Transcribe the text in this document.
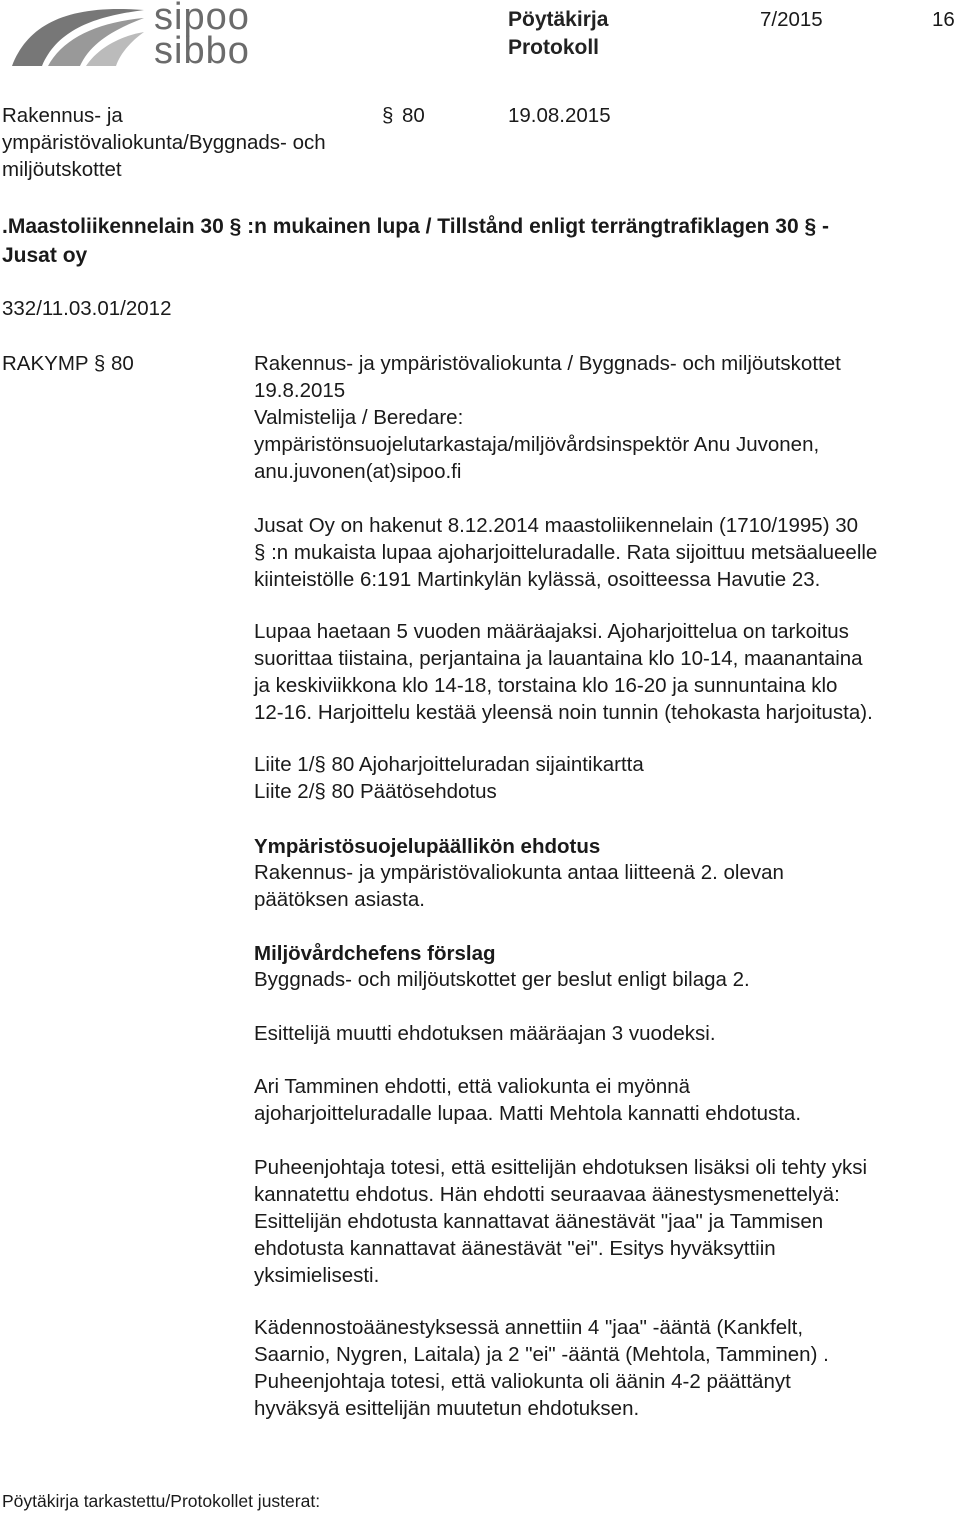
sipoo
sibbo
Pöytäkirja
Protokoll
7/2015	16
Rakennus- ja
ympäristövaliokunta/Byggnads- och
miljöutskottet
§ 80	19.08.2015
.Maastoliikennelain 30 § :n mukainen lupa / Tillstånd enligt terrängtrafiklagen 30 § -
Jusat oy
332/11.03.01/2012
RAKYMP § 80	Rakennus- ja ympäristövaliokunta / Byggnads- och miljöutskottet
19.8.2015
Valmistelija / Beredare:
ympäristönsuojelutarkastaja/miljövårdsinspektör Anu Juvonen,
anu.juvonen(at)sipoo.fi
Jusat Oy on hakenut 8.12.2014 maastoliikennelain (1710/1995) 30
§ :n mukaista lupaa ajoharjoitteluradalle. Rata sijoittuu metsäalueelle
kiinteistölle 6:191 Martinkylän kylässä, osoitteessa Havutie 23.
Lupaa haetaan 5 vuoden määräajaksi. Ajoharjoittelua on tarkoitus
suorittaa tiistaina, perjantaina ja lauantaina klo 10-14, maanantaina
ja keskiviikkona klo 14-18, torstaina klo 16-20 ja sunnuntaina klo
12-16. Harjoittelu kestää yleensä noin tunnin (tehokasta harjoitusta).
Liite 1/§ 80 Ajoharjoitteluradan sijaintikartta
Liite 2/§ 80 Päätösehdotus
Ympäristösuojelupäällikön ehdotus
Rakennus- ja ympäristövaliokunta antaa liitteenä 2. olevan
päätöksen asiasta.
Miljövårdchefens förslag
Byggnads- och miljöutskottet ger beslut enligt bilaga 2.
Esittelijä muutti ehdotuksen määräajan 3 vuodeksi.
Ari Tamminen ehdotti, että valiokunta ei myönnä
ajoharjoitteluradalle lupaa. Matti Mehtola kannatti ehdotusta.
Puheenjohtaja totesi, että esittelijän ehdotuksen lisäksi oli tehty yksi
kannatettu ehdotus. Hän ehdotti seuraavaa äänestysmenettelyä:
Esittelijän ehdotusta kannattavat äänestävät "jaa" ja Tammisen
ehdotusta kannattavat äänestävät "ei". Esitys hyväksyttiin
yksimielisesti.
Kädennostoäänestyksessä annettiin 4 "jaa" -ääntä (Kankfelt,
Saarnio, Nygren, Laitala) ja 2 "ei" -ääntä (Mehtola, Tamminen) .
Puheenjohtaja totesi, että valiokunta oli äänin 4-2 päättänyt
hyväksyä esittelijän muutetun ehdotuksen.
Pöytäkirja tarkastettu/Protokollet justerat:
